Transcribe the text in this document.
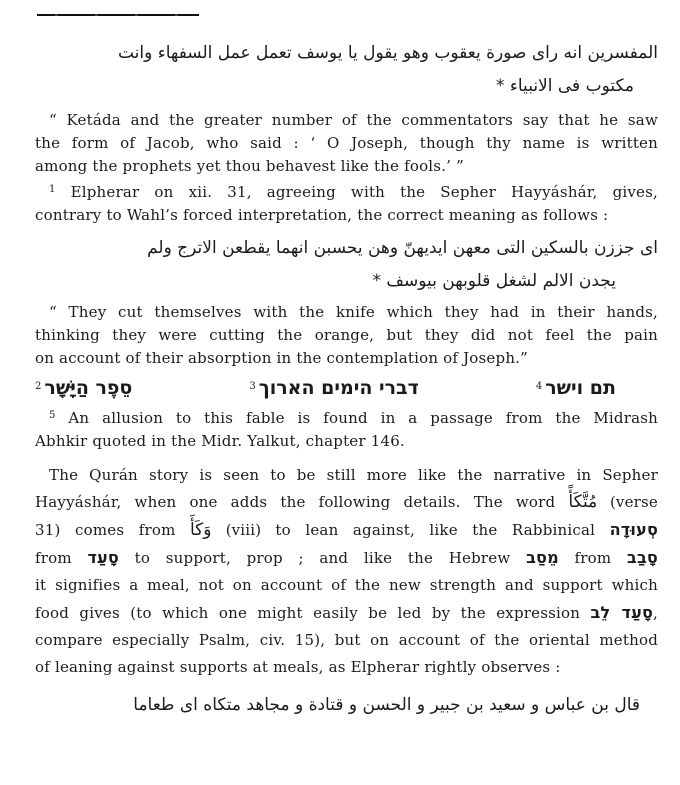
المفسرين انه راى صورة يعقوب وهو يقول يا يوسف تعمل عمل السفهاء وانت
مكتوب فى الانبياء *
“ Ketáda and the greater number of the commentators say that he saw
the form of Jacob, who said : ‘ O Joseph, though thy name is written
among the prophets yet thou behavest like the fools.’ ”
$^1$ Elpherar on xii. 31, agreeing with the Sepher Hayyáshár, gives,
contrary to Wahl’s forced interpretation, the correct meaning as follows :
اى جززن بالسكين التى معهن ايديهنّ وهن يحسبن انهما يقطعن الاترج ولم
يجدن الالم لشغل قلوبهن بيوسف *
“ They cut themselves with the knife which they had in their hands,
thinking they were cutting the orange, but they did not feel the pain
on account of their absorption in the contemplation of Joseph.”
$^2$ סֵפֶר הַיָּשָׁר	$^3$ דברי הימים הארוך	$^4$ תם וישר
$^5$ An allusion to this fable is found in a passage from the Midrash
Abhkir quoted in the Midr. Yalkut, chapter 146.
The Qurán story is seen to be still more like the narrative in Sepher
Hayyáshár, when one adds the following details. The word مُتَّكَأً (verse
31) comes from وَكَأَ (viii) to lean against, like the Rabbinical סְעוּדָה
from סָעַד to support, prop ; and like the Hebrew מֵסַב from סָבַב
it signifies a meal, not on account of the new strength and support which
food gives (to which one might easily be led by the expression סָעַד לֵב,
compare especially Psalm, civ. 15), but on account of the oriental method
of leaning against supports at meals, as Elpherar rightly observes :
قال بن عباس و سعيد بن جبير و الحسن و قتادة و مجاهد متكاه اى طعاما
